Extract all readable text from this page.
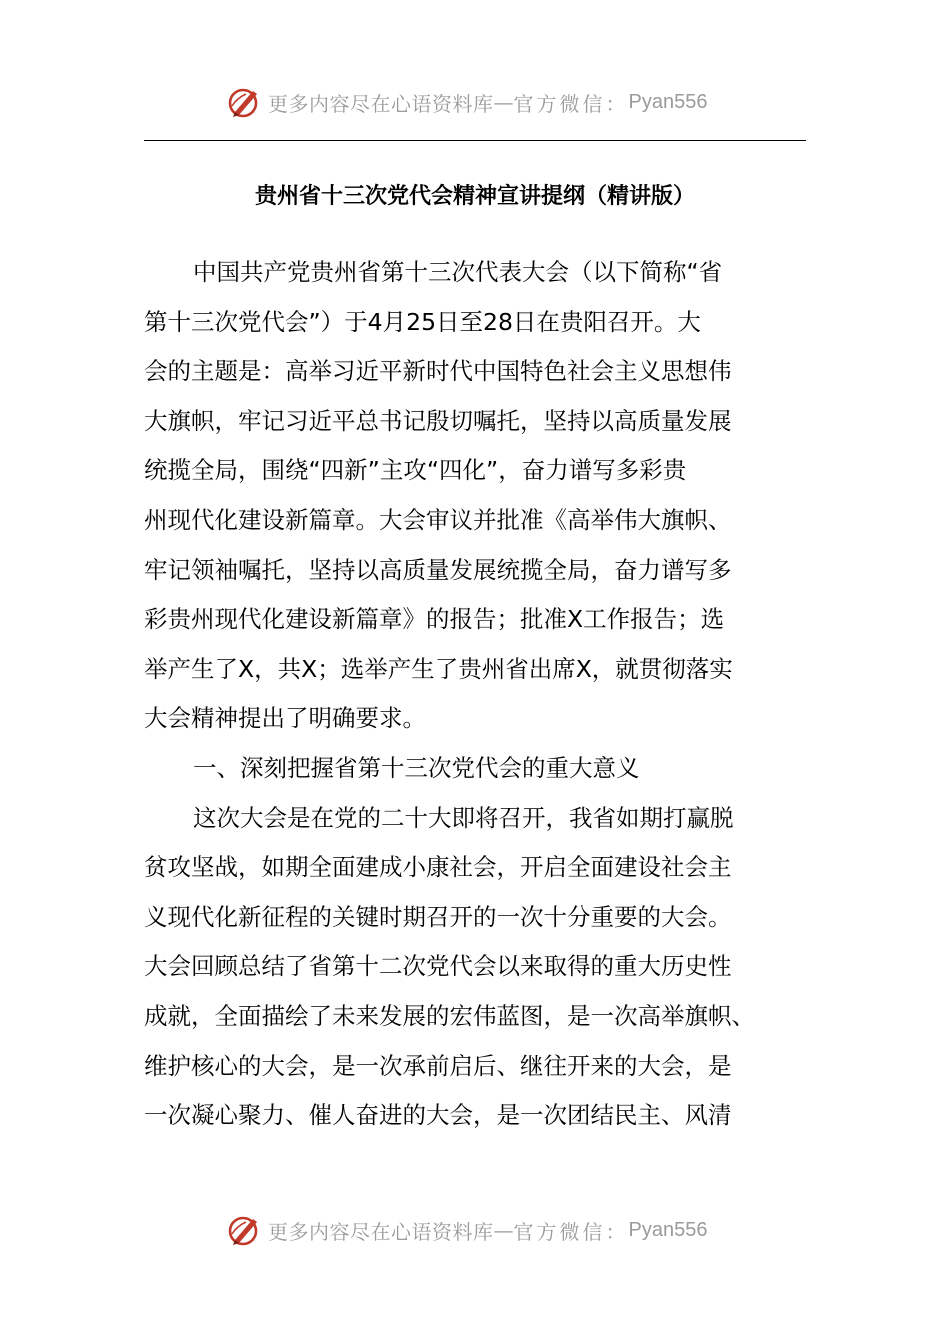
更多内容尽在心语资料库 — 官方微信： Pyan556
贵州省十三次党代会精神宣讲提纲（精讲版）
中国共产党贵州省第十三次代表大会（以下简称“省
第十三次党代会”）于4月25日至28日在贵阳召开。大
会的主题是：高举习近平新时代中国特色社会主义思想伟
大旗帜，牢记习近平总书记殷切嘱托，坚持以高质量发展
统揽全局，围绕“四新”主攻“四化”，奋力谱写多彩贵
州现代化建设新篇章。大会审议并批准《高举伟大旗帜、
牢记领袖嘱托，坚持以高质量发展统揽全局，奋力谱写多
彩贵州现代化建设新篇章》的报告；批准X工作报告；选
举产生了X，共X；选举产生了贵州省出席X，就贯彻落实
大会精神提出了明确要求。
一、深刻把握省第十三次党代会的重大意义
这次大会是在党的二十大即将召开，我省如期打赢脱
贫攻坚战，如期全面建成小康社会，开启全面建设社会主
义现代化新征程的关键时期召开的一次十分重要的大会。
大会回顾总结了省第十二次党代会以来取得的重大历史性
成就，全面描绘了未来发展的宏伟蓝图，是一次高举旗帜、
维护核心的大会，是一次承前启后、继往开来的大会，是
一次凝心聚力、催人奋进的大会，是一次团结民主、风清
更多内容尽在心语资料库 — 官方微信： Pyan556
